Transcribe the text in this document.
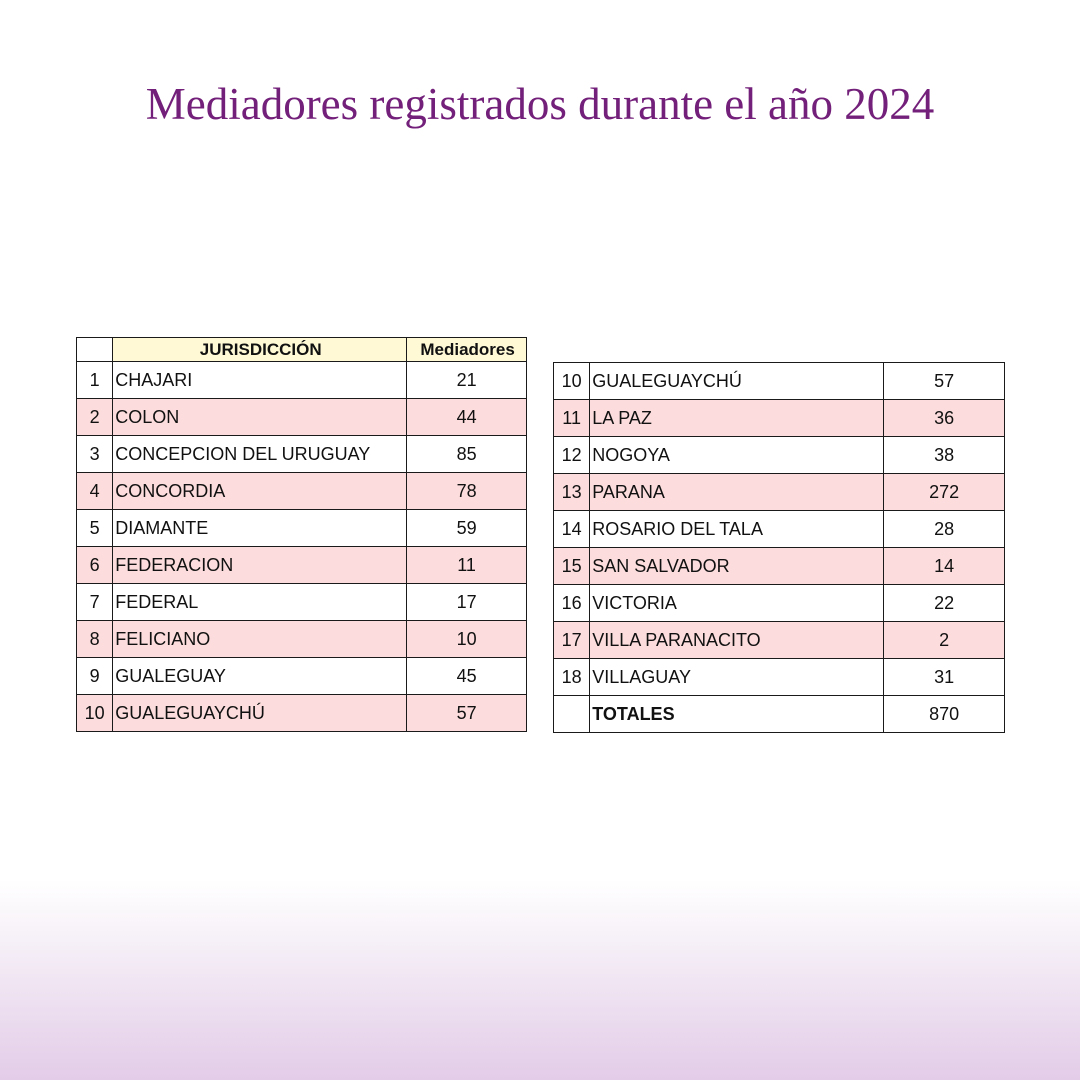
Mediadores registrados durante el año 2024
	JURISDICCIÓN	Mediadores
1	CHAJARI	21
2	COLON	44
3	CONCEPCION DEL URUGUAY	85
4	CONCORDIA	78
5	DIAMANTE	59
6	FEDERACION	11
7	FEDERAL	17
8	FELICIANO	10
9	GUALEGUAY	45
10	GUALEGUAYCHÚ	57
10	GUALEGUAYCHÚ	57
11	LA PAZ	36
12	NOGOYA	38
13	PARANA	272
14	ROSARIO DEL TALA	28
15	SAN SALVADOR	14
16	VICTORIA	22
17	VILLA PARANACITO	2
18	VILLAGUAY	31
	TOTALES	870
